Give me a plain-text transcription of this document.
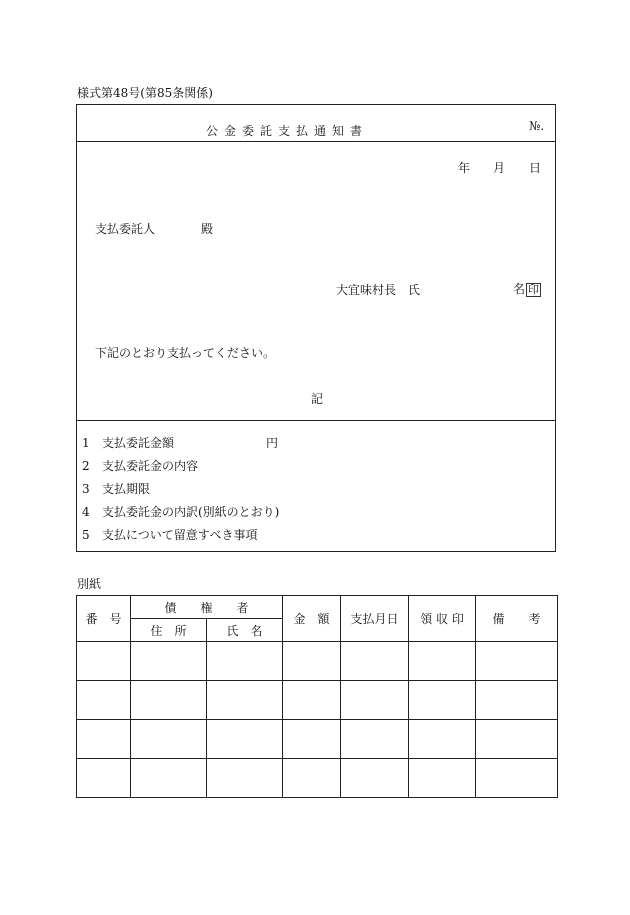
様式第48号(第85条関係)
公金委託支払通知書	№.
年 月 日
支払委託人	殿
大宜味村長 氏	名 印
下記のとおり支払ってください。
記
1 支払委託金額	円
2 支払委託金の内容
3 支払期限
4 支払委託金の内訳(別紙のとおり)
5 支払について留意すべき事項
別紙
番　号	債　　権　　者		金　額	支払月日	領 収 印	備　　考
	住　所	氏　名				
